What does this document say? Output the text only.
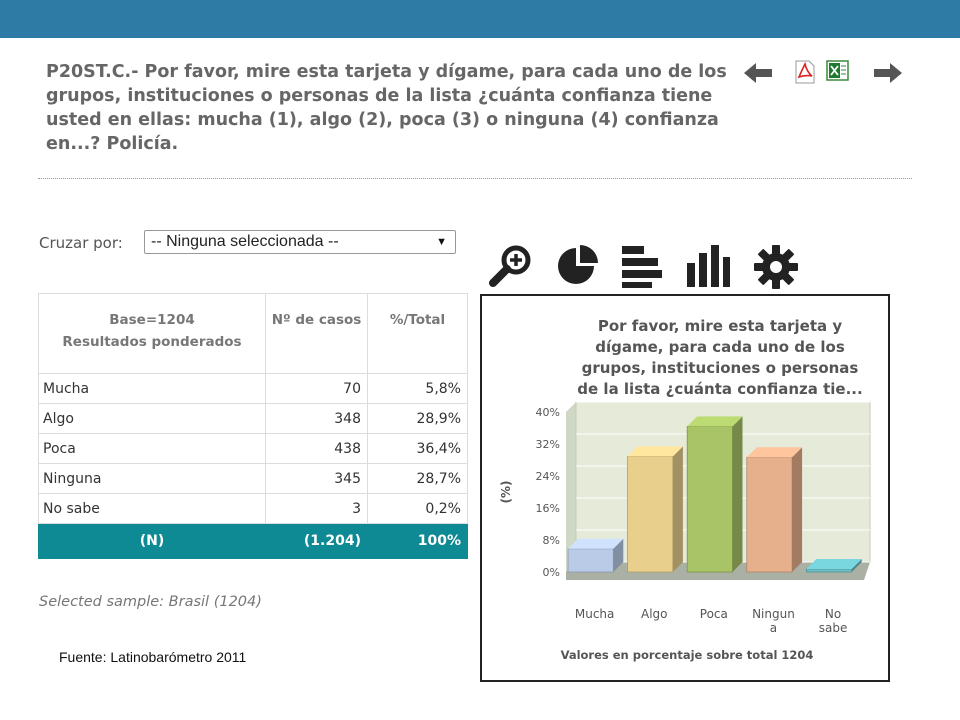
P20ST.C.- Por favor, mire esta tarjeta y dígame, para cada uno de los grupos, instituciones o personas de la lista ¿cuánta confianza tiene usted en ellas: mucha (1), algo (2), poca (3) o ninguna (4) confianza en...? Policía.
Cruzar por:	-- Ninguna seleccionada --	▼
Base=1204
Resultados ponderados	Nº de casos	%/Total
Mucha	70	5,8%
Algo	348	28,9%
Poca	438	36,4%
Ninguna	345	28,7%
No sabe	3	0,2%
(N)	(1.204)	100%
Selected sample: Brasil (1204)
Fuente: Latinobarómetro 2011
Por favor, mire esta tarjeta y
dígame, para cada uno de los
grupos, instituciones o personas
de la lista ¿cuánta confianza tie...
40%
32%
24%
16%
8%
0%
(%)
Mucha Algo	Poca Ningun
a
No
sabe
Valores en porcentaje sobre total 1204
